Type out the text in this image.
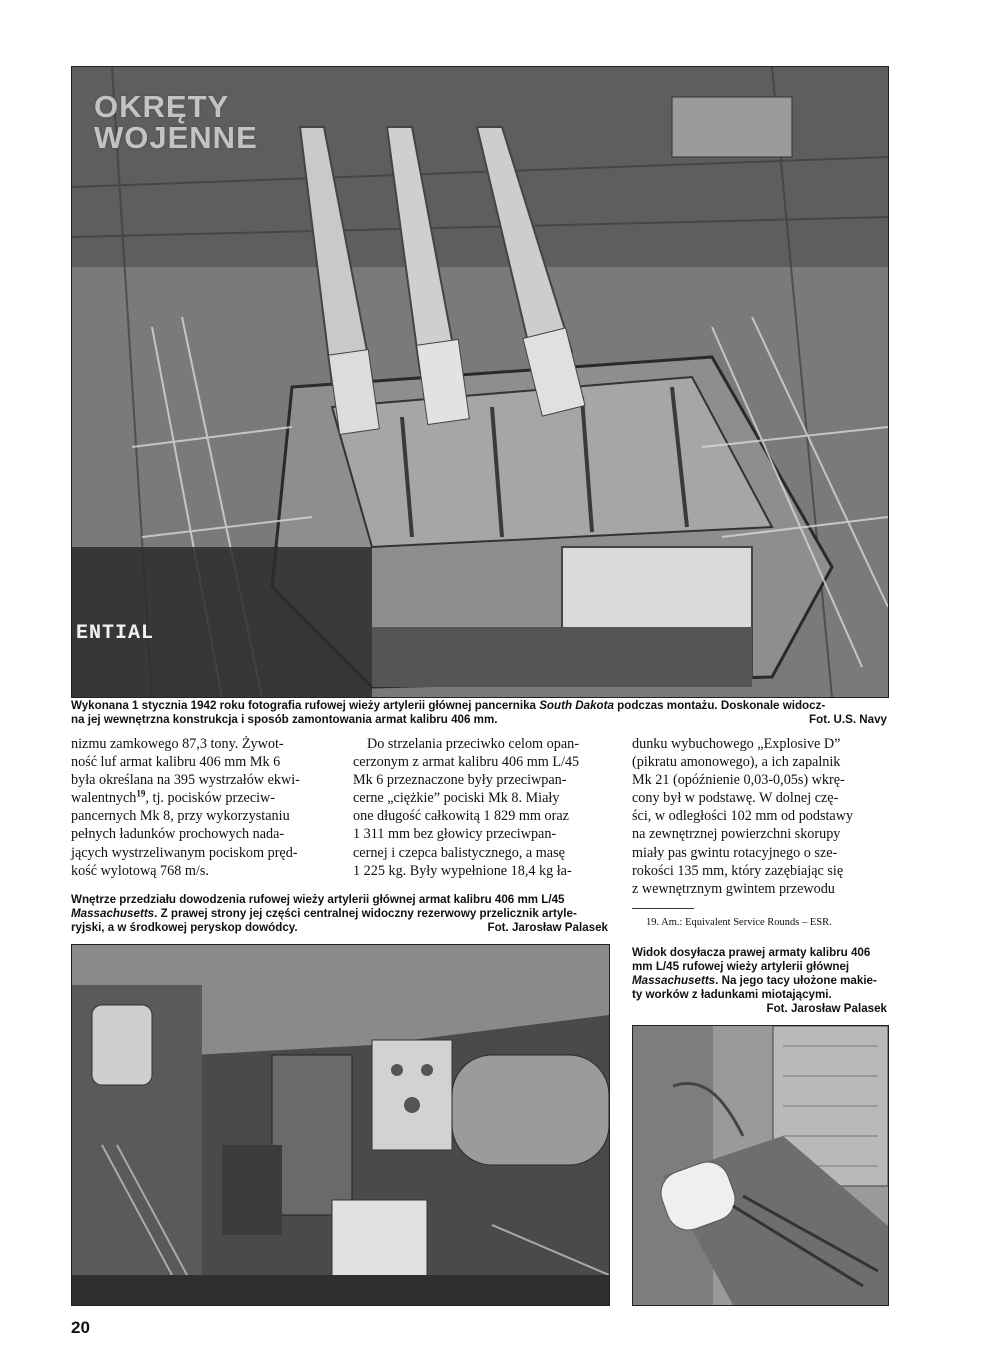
OKRĘTY
WOJENNE

ENTIAL

Wykonana 1 stycznia 1942 roku fotografia rufowej wieży artylerii głównej pancernika South Dakota podczas montażu. Doskonale widocz-
na jej wewnętrzna konstrukcja i sposób zamontowania armat kalibru 406 mm.	Fot. U.S. Navy

nizmu zamkowego 87,3 tony. Żywot-

ność luf armat kalibru 406 mm Mk 6

była określana na 395 wystrzałów ekwi-

walentnych$^{19}$, tj. pocisków przeciw-

pancernych Mk 8, przy wykorzystaniu

pełnych ładunków prochowych nada-

jących wystrzeliwanym pociskom pręd-

kość wylotową 768 m/s.

Do strzelania przeciwko celom opan-

cerzonym z armat kalibru 406 mm L/45

Mk 6 przeznaczone były przeciwpan-

cerne „ciężkie” pociski Mk 8. Miały

one długość całkowitą 1 829 mm oraz

1 311 mm bez głowicy przeciwpan-

cernej i czepca balistycznego, a masę

1 225 kg. Były wypełnione 18,4 kg ła-

dunku wybuchowego „Explosive D”

(pikratu amonowego), a ich zapalnik

Mk 21 (opóźnienie 0,03-0,05s) wkrę-

cony był w podstawę. W dolnej czę-

ści, w odległości 102 mm od podstawy

na zewnętrznej powierzchni skorupy

miały pas gwintu rotacyjnego o sze-

rokości 135 mm, który zazębiając się

z wewnętrznym gwintem przewodu

19. Am.: Equivalent Service Rounds – ESR.
Wnętrze przedziału dowodzenia rufowej wieży artylerii głównej armat kalibru 406 mm L/45
Massachusetts. Z prawej strony jej części centralnej widoczny rezerwowy przelicznik artyle-
ryjski, a w środkowej peryskop dowódcy.	Fot. Jarosław Palasek
Widok dosyłacza prawej armaty kalibru 406
mm L/45 rufowej wieży artylerii głównej
Massachusetts. Na jego tacy ułożone makie-
ty worków z ładunkami miotającymi.
Fot. Jarosław Palasek
20
